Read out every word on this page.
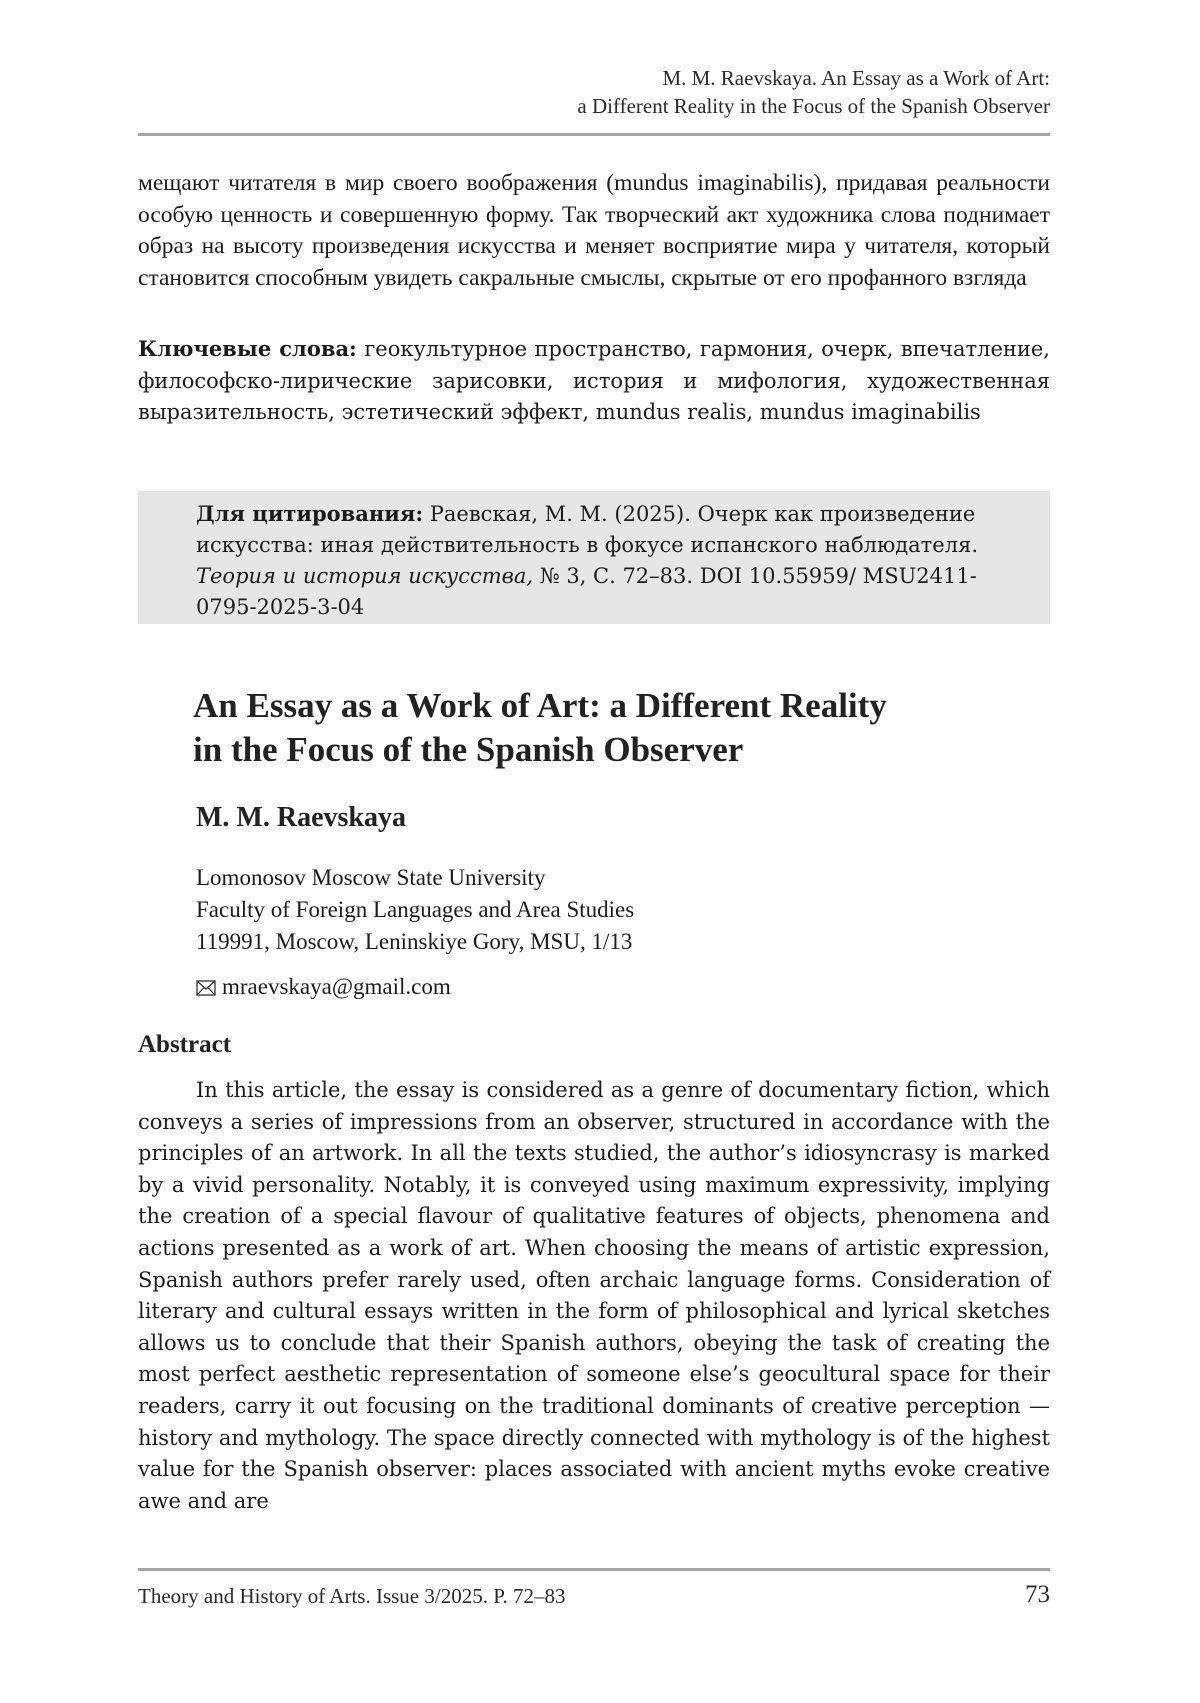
M. M. Raevskaya. An Essay as a Work of Art:
a Different Reality in the Focus of the Spanish Observer

мещают читателя в мир своего воображения (mundus imaginabilis), придавая реальности особую ценность и совершенную форму. Так творческий акт художника слова поднимает образ на высоту произведения искусства и меняет восприятие мира у читателя, который становится способным увидеть сакральные смыслы, скрытые от его профанного взгляда

Ключевые слова: геокультурное пространство, гармония, очерк, впечатление, философско-лирические зарисовки, история и мифология, художественная выразительность, эстетический эффект, mundus realis, mundus imaginabilis

Для цитирования: Раевская, М. М. (2025). Очерк как произведение искусства: иная действительность в фокусе испанского наблюдателя. Теория и история искусства, № 3, С. 72–83. DOI 10.55959/ MSU2411-0795-2025-3-04

An Essay as a Work of Art: a Different Reality
in the Focus of the Spanish Observer
M. M. Raevskaya
Lomonosov Moscow State University
Faculty of Foreign Languages and Area Studies
119991, Moscow, Leninskiye Gory, MSU, 1/13
mraevskaya@gmail.com
Abstract

In this article, the essay is considered as a genre of documentary fiction, which conveys a series of impressions from an observer, structured in accordance with the principles of an artwork. In all the texts studied, the author’s idiosyncrasy is marked by a vivid personality. Notably, it is conveyed using maximum expressivity, implying the creation of a special flavour of qualitative features of objects, phenomena and actions presented as a work of art. When choosing the means of artistic expression, Spanish authors prefer rarely used, often archaic language forms. Consideration of literary and cultural essays written in the form of philosophical and lyrical sketches allows us to conclude that their Spanish authors, obeying the task of creating the most perfect aesthetic representation of someone else’s geocultural space for their readers, carry it out focusing on the traditional dominants of creative perception — history and mythology. The space directly connected with mythology is of the highest value for the Spanish observer: places associated with ancient myths evoke creative awe and are

Theory and History of Arts. Issue 3/2025. P. 72–83	73
